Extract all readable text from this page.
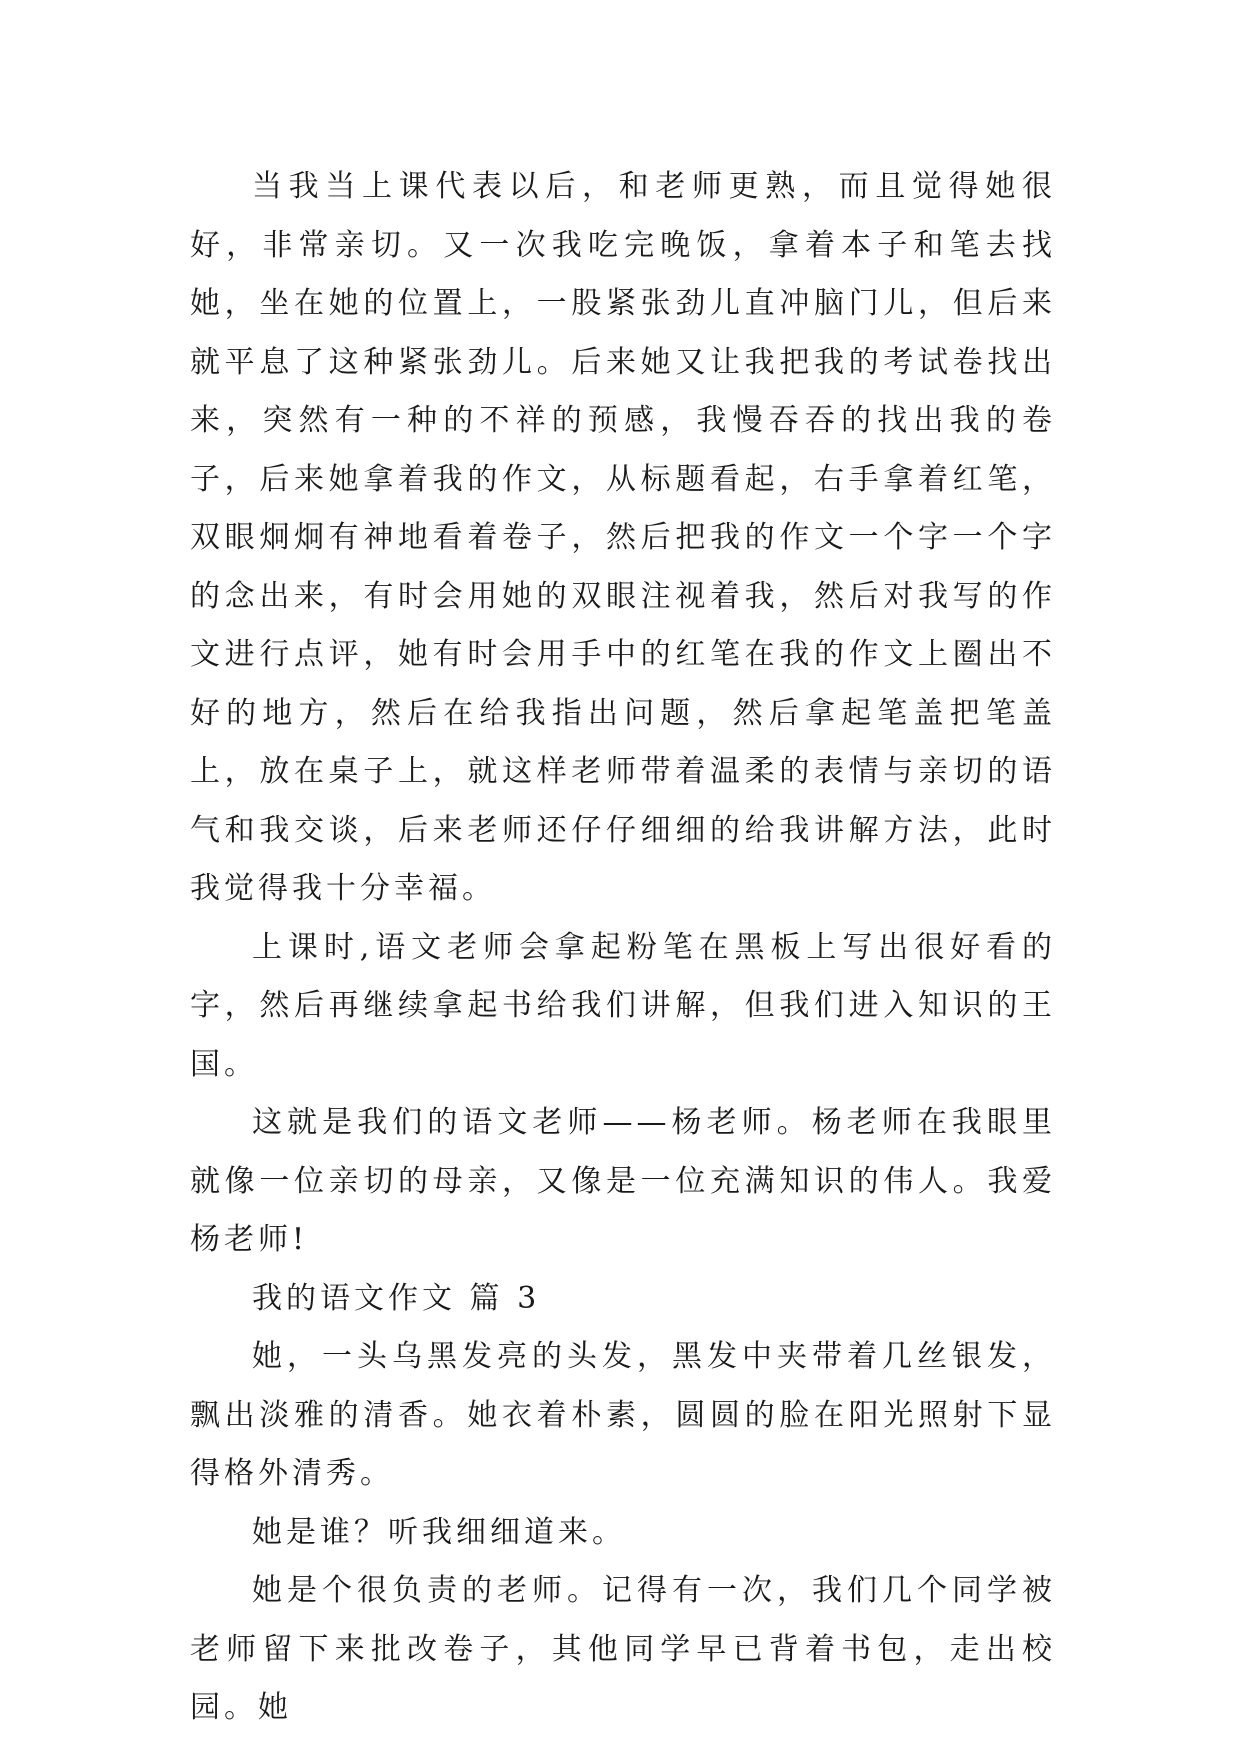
当我当上课代表以后，和老师更熟，而且觉得她很好，非常亲切。又一次我吃完晚饭，拿着本子和笔去找她，坐在她的位置上，一股紧张劲儿直冲脑门儿，但后来就平息了这种紧张劲儿。后来她又让我把我的考试卷找出来，突然有一种的不祥的预感，我慢吞吞的找出我的卷子，后来她拿着我的作文，从标题看起，右手拿着红笔，双眼炯炯有神地看着卷子，然后把我的作文一个字一个字的念出来，有时会用她的双眼注视着我，然后对我写的作文进行点评，她有时会用手中的红笔在我的作文上圈出不好的地方，然后在给我指出问题，然后拿起笔盖把笔盖上，放在桌子上，就这样老师带着温柔的表情与亲切的语气和我交谈，后来老师还仔仔细细的给我讲解方法，此时我觉得我十分幸福。

上课时,语文老师会拿起粉笔在黑板上写出很好看的字，然后再继续拿起书给我们讲解，但我们进入知识的王国。

这就是我们的语文老师——杨老师。杨老师在我眼里就像一位亲切的母亲，又像是一位充满知识的伟人。我爱杨老师!

我的语文作文 篇 3

她，一头乌黑发亮的头发，黑发中夹带着几丝银发，飘出淡雅的清香。她衣着朴素，圆圆的脸在阳光照射下显得格外清秀。

她是谁？听我细细道来。

她是个很负责的老师。记得有一次，我们几个同学被老师留下来批改卷子，其他同学早已背着书包，走出校园。她
